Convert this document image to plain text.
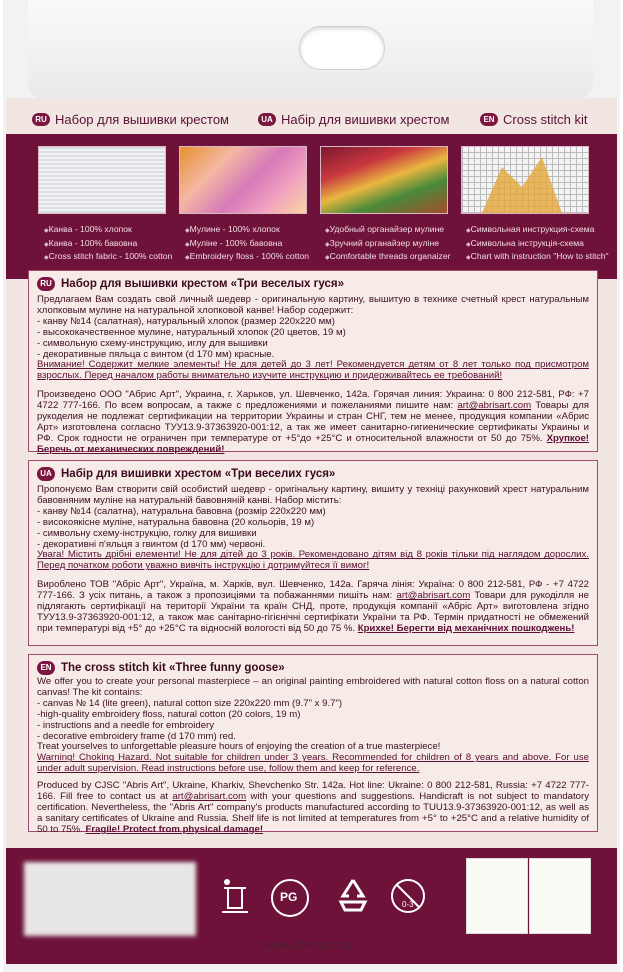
RU Набор для вышивки крестом	UA Набір для вишивки хрестом	EN Cross stitch kit
◆ Канва - 100% хлопок
◆ Канва - 100% бавовна
◆ Cross stitch fabric - 100% cotton
◆ Мулине - 100% хлопок
◆ Муліне - 100% бавовна
◆ Embroidery floss - 100% cotton
◆ Удобный органайзер мулине
◆ Зручний органайзер муліне
◆ Comfortable threads organaizer
◆ Символьная инструкция-схема
◆ Символьна інструкція-схема
◆ Chart with instruction "How to stitch"
RU Набор для вышивки крестом «Три веселых гуся»
Предлагаем Вам создать свой личный шедевр - оригинальную картину, вышитую в технике счетный крест натуральным хлопковым мулине на натуральной хлопковой канве! Набор содержит:
- канву №14 (салатная), натуральный хлопок (размер 220х220 мм)
- высококачественное мулине, натуральный хлопок (20 цветов, 19 м)
- символьную схему-инструкцию, иглу для вышивки
- декоративные пяльца с винтом (d 170 мм) красные.
Внимание! Содержит мелкие элементы! Не для детей до 3 лет! Рекомендуется детям от 8 лет только под присмотром взрослых. Перед началом работы внимательно изучите инструкцию и придерживайтесь ее требований!
Произведено ООО "Абрис Арт", Украина, г. Харьков, ул. Шевченко, 142а. Горячая линия: Украина: 0 800 212-581, РФ: +7 4722 777-166. По всем вопросам, а также с предложениями и пожеланиями пишите нам: art@abrisart.com Товары для рукоделия не подлежат сертификации на территории Украины и стран СНГ, тем не менее, продукция компании «Абрис Арт» изготовлена согласно ТУУ13.9-37363920-001:12, а так же имеет санитарно-гигиенические сертификаты Украины и РФ. Срок годности не ограничен при температуре от +5°до +25°С и относительной влажности от 50 до 75%. Хрупкое! Беречь от механических повреждений!
UA Набір для вишивки хрестом «Три веселих гуся»
Пропонуємо Вам створити свій особистий шедевр - оригінальну картину, вишиту у техніці рахунковий хрест натуральним бавовняним муліне на натуральній бавовняній канві. Набор містить:
- канву №14 (салатна), натуральна бавовна (розмір 220х220 мм)
- високоякісне муліне, натуральна бавовна (20 кольорів, 19 м)
- символьну схему-інструкцію, голку для вишивки
- декоративні п'яльця з гвинтом (d 170 мм) червоні.
Увага! Містить дрібні елементи! Не для дітей до 3 років. Рекомендовано дітям від 8 років тільки під наглядом дорослих. Перед початком роботи уважно вивчіть інструкцію і дотримуйтеся її вимог!
Виробленo ТОВ "Абріс Арт", Україна, м. Харків, вул. Шевченко, 142а. Гаряча лінія: Україна: 0 800 212-581, РФ - +7 4722 777-166. З усіх питань, а також з пропозиціями та побажаннями пишіть нам: art@abrisart.com Товари для рукоділля не підлягають сертифікації на території України та країн СНД, проте, продукція компанії «Абріс Арт» виготовлена згідно ТУУ13.9-37363920-001:12, а також має санітарно-гігієнічні сертифікати України та РФ. Термін придатності не обмежений при температурі від +5° до +25°С та відносній вологості від 50 до 75 %. Крихке! Берегти від механічних пошкоджень!
EN The cross stitch kit «Three funny goose»
We offer you to create your personal masterpiece – an original painting embroidered with natural cotton floss on a natural cotton canvas! The kit contains:
- canvas № 14 (lite green), natural cotton size 220x220 mm (9.7" x 9.7")
-high-quality embroidery floss, natural cotton (20 colors, 19 m)
- instructions and a needle for embroidery
- decorative embroidery frame (d 170 mm) red.
Treat yourselves to unforgettable pleasure hours of enjoying the creation of a true masterpiece!
Warning! Choking Hazard. Not suitable for children under 3 years. Recommended for children of 8 years and above. For use under adult supervision. Read instructions before use, follow them and keep for reference.
Produced by CJSC "Abris Art", Ukraine, Kharkiv, Shevchenko Str. 142a. Hot line: Ukraine: 0 800 212-581, Russia: +7 4722 777-166. Fill free to contact us at art@abrisart.com with your questions and suggestions. Handicraft is not subject to mandatory certification. Nevertheless, the "Abris Art" company's products manufactured according to TUU13.9-37363920-001:12, as well as a sanitary certificates of Ukraine and Russia. Shelf life is not limited at temperatures from +5° to +25°С and a relative humidity of 50 to 75%. Fragile! Protect from physical damage!
PG
0-3
www.abrisart.com
